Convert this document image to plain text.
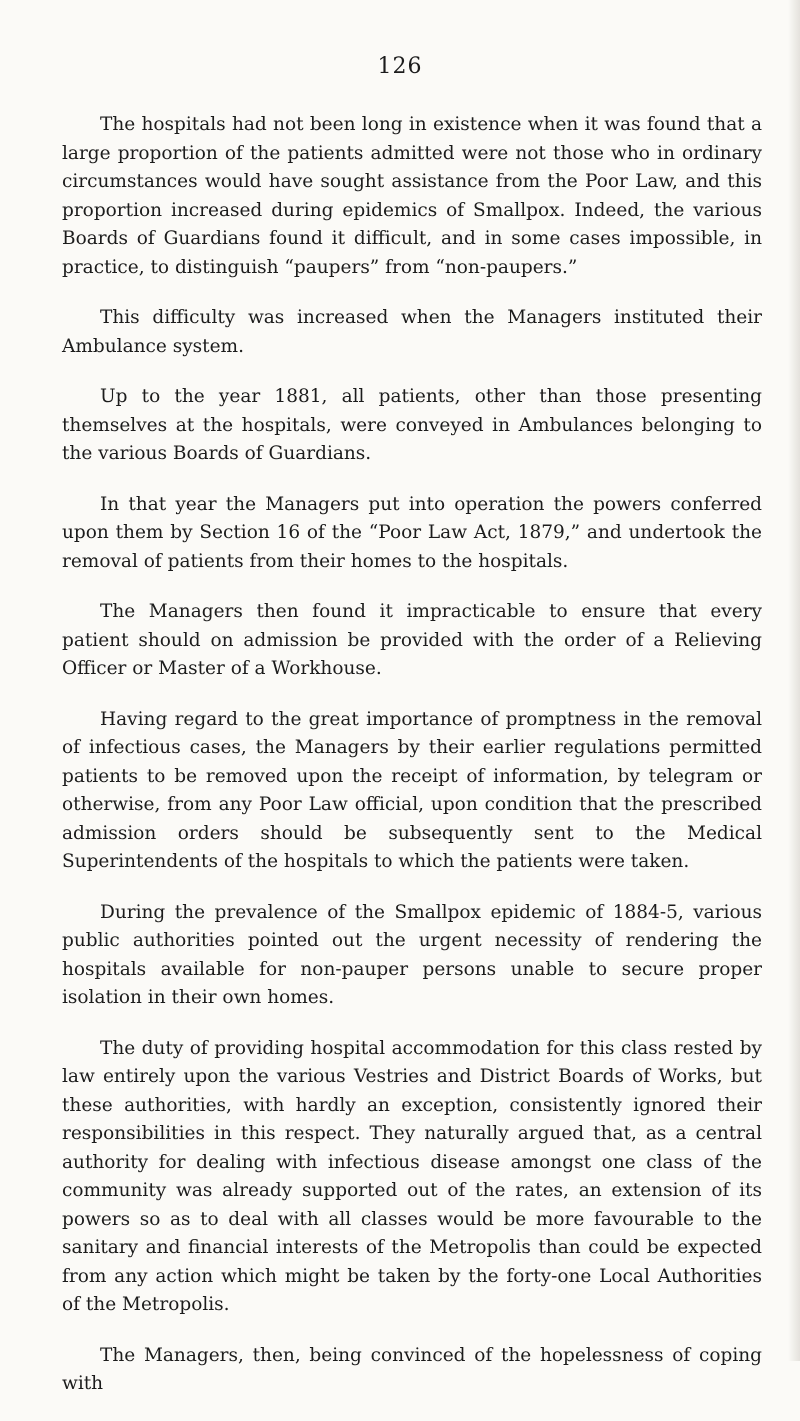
126

The hospitals had not been long in existence when it was found that a large proportion of the patients admitted were not those who in ordinary circumstances would have sought assistance from the Poor Law, and this proportion increased during epidemics of Smallpox. Indeed, the various Boards of Guardians found it difficult, and in some cases impossible, in practice, to distinguish “paupers” from “non-paupers.”

This difficulty was increased when the Managers instituted their Ambulance system.

Up to the year 1881, all patients, other than those presenting themselves at the hospitals, were conveyed in Ambulances belonging to the various Boards of Guardians.

In that year the Managers put into operation the powers conferred upon them by Section 16 of the “Poor Law Act, 1879,” and undertook the removal of patients from their homes to the hospitals.

The Managers then found it impracticable to ensure that every patient should on admission be provided with the order of a Relieving Officer or Master of a Workhouse.

Having regard to the great importance of promptness in the removal of infectious cases, the Managers by their earlier regulations permitted patients to be removed upon the receipt of information, by telegram or otherwise, from any Poor Law official, upon condition that the prescribed admission orders should be subsequently sent to the Medical Superintendents of the hospitals to which the patients were taken.

During the prevalence of the Smallpox epidemic of 1884-5, various public authorities pointed out the urgent necessity of rendering the hospitals available for non-pauper persons unable to secure proper isolation in their own homes.

The duty of providing hospital accommodation for this class rested by law entirely upon the various Vestries and District Boards of Works, but these authorities, with hardly an exception, consistently ignored their responsibilities in this respect. They naturally argued that, as a central authority for dealing with infectious disease amongst one class of the community was already supported out of the rates, an extension of its powers so as to deal with all classes would be more favourable to the sanitary and financial interests of the Metropolis than could be expected from any action which might be taken by the forty-one Local Authorities of the Metropolis.

The Managers, then, being convinced of the hopelessness of coping with
